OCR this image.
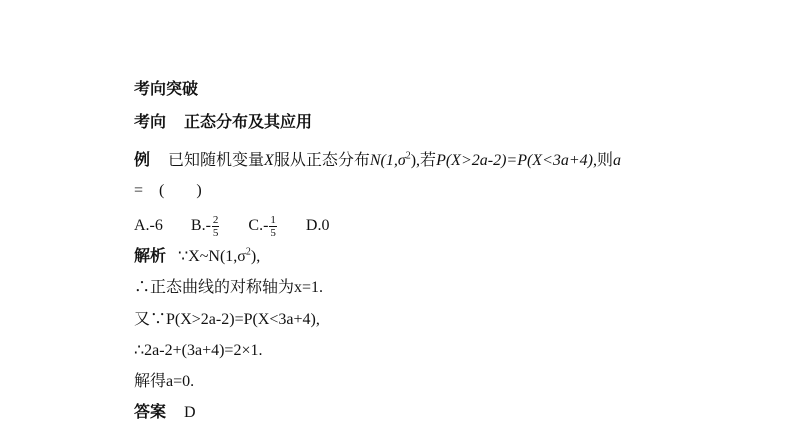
考向突破
考向 正态分布及其应用
例 已知随机变量X服从正态分布$N(1,\sigma^2)$,若P(X>2a-2)=P(X<3a+4),则a
=　(　　)
A.-6 $B.- \frac{2}{5} C.- \frac{1}{5} D.0$
解析 $\because X\sim N(1,\sigma^2)$,
∴正态曲线的对称轴为x=1.
又∵P(X>2a-2)=P(X<3a+4),
∴2a-2+(3a+4)=2×1.
解得a=0.
答案 D
